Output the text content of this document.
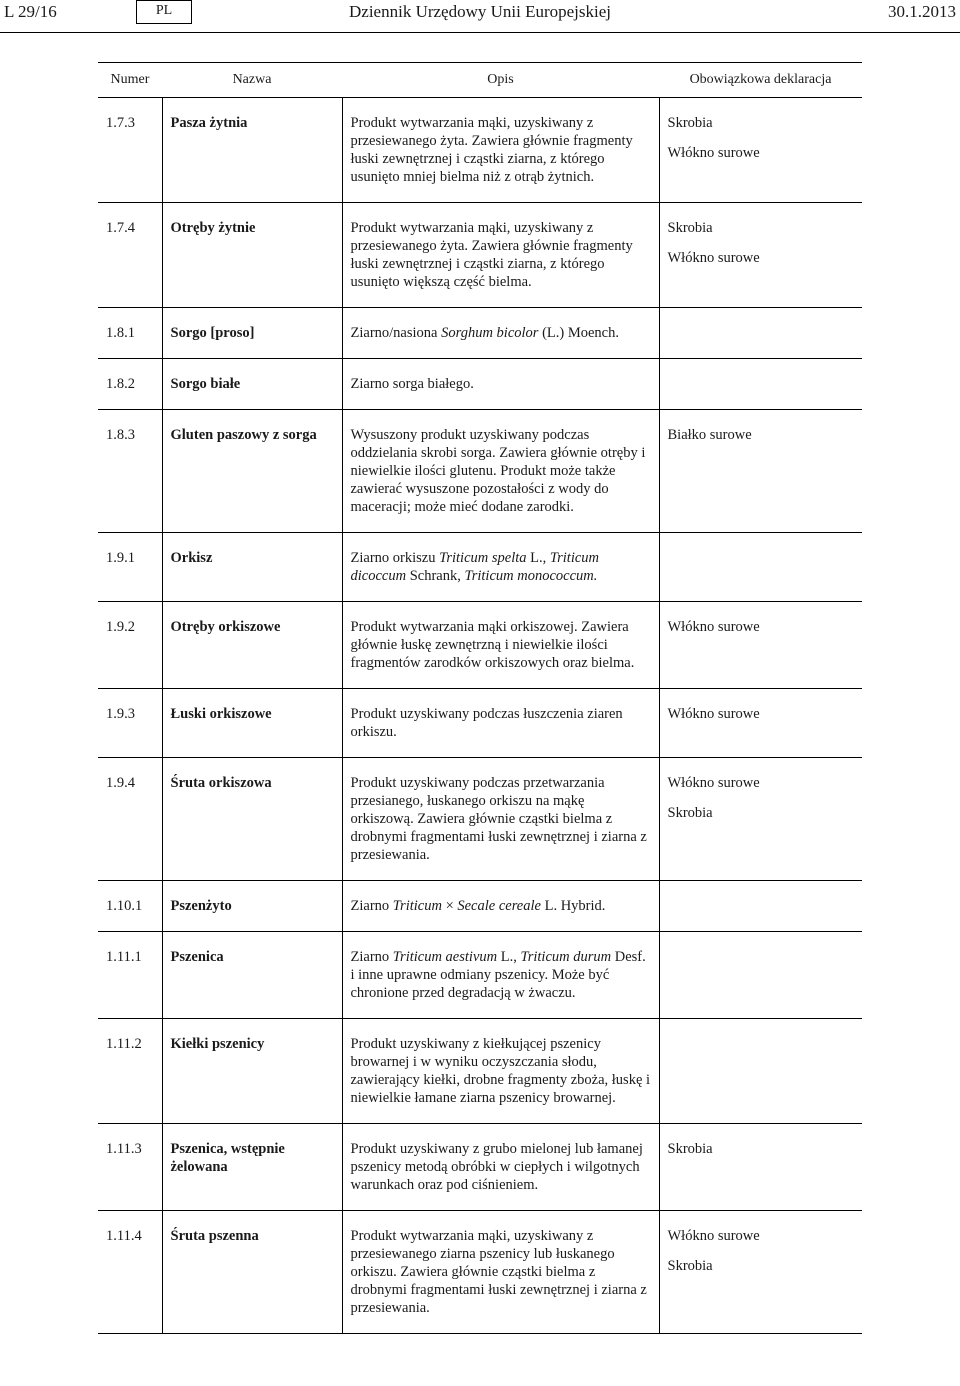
L 29/16	PL	Dziennik Urzędowy Unii Europejskiej	30.1.2013
Numer	Nazwa	Opis	Obowiązkowa deklaracja
1.7.3	Pasza żytnia	Produkt wytwarzania mąki, uzyskiwany z przesiewanego żyta. Zawiera głównie fragmenty łuski zewnętrznej i cząstki ziarna, z którego usunięto mniej bielma niż z otrąb żytnich.	Skrobia
Włókno surowe

1.7.4	Otręby żytnie	Produkt wytwarzania mąki, uzyskiwany z przesiewanego żyta. Zawiera głównie fragmenty łuski zewnętrznej i cząstki ziarna, z którego usunięto większą część bielma.	Skrobia
Włókno surowe

1.8.1	Sorgo [proso]	Ziarno/nasiona Sorghum bicolor (L.) Moench.	
1.8.2	Sorgo białe	Ziarno sorga białego.	
1.8.3	Gluten paszowy z sorga	Wysuszony produkt uzyskiwany podczas oddzielania skrobi sorga. Zawiera głównie otręby i niewielkie ilości glutenu. Produkt może także zawierać wysuszone pozostałości z wody do maceracji; może mieć dodane zarodki.	Białko surowe

1.9.1	Orkisz	Ziarno orkiszu Triticum spelta L., Triticum dicoccum Schrank, Triticum monococcum.	
1.9.2	Otręby orkiszowe	Produkt wytwarzania mąki orkiszowej. Zawiera głównie łuskę zewnętrzną i niewielkie ilości fragmentów zarodków orkiszowych oraz bielma.	Włókno surowe

1.9.3	Łuski orkiszowe	Produkt uzyskiwany podczas łuszczenia ziaren orkiszu.	Włókno surowe

1.9.4	Śruta orkiszowa	Produkt uzyskiwany podczas przetwarzania przesianego, łuskanego orkiszu na mąkę orkiszową. Zawiera głównie cząstki bielma z drobnymi fragmentami łuski zewnętrznej i ziarna z przesiewania.	Włókno surowe
Skrobia

1.10.1	Pszenżyto	Ziarno Triticum × Secale cereale L. Hybrid.	
1.11.1	Pszenica	Ziarno Triticum aestivum L., Triticum durum Desf. i inne uprawne odmiany pszenicy. Może być chronione przed degradacją w żwaczu.	
1.11.2	Kiełki pszenicy	Produkt uzyskiwany z kiełkującej pszenicy browarnej i w wyniku oczyszczania słodu, zawierający kiełki, drobne fragmenty zboża, łuskę i niewielkie łamane ziarna pszenicy browarnej.	
1.11.3	Pszenica, wstępnie żelowana	Produkt uzyskiwany z grubo mielonej lub łamanej pszenicy metodą obróbki w ciepłych i wilgotnych warunkach oraz pod ciśnieniem.	Skrobia

1.11.4	Śruta pszenna	Produkt wytwarzania mąki, uzyskiwany z przesiewanego ziarna pszenicy lub łuskanego orkiszu. Zawiera głównie cząstki bielma z drobnymi fragmentami łuski zewnętrznej i ziarna z przesiewania.	Włókno surowe
Skrobia
